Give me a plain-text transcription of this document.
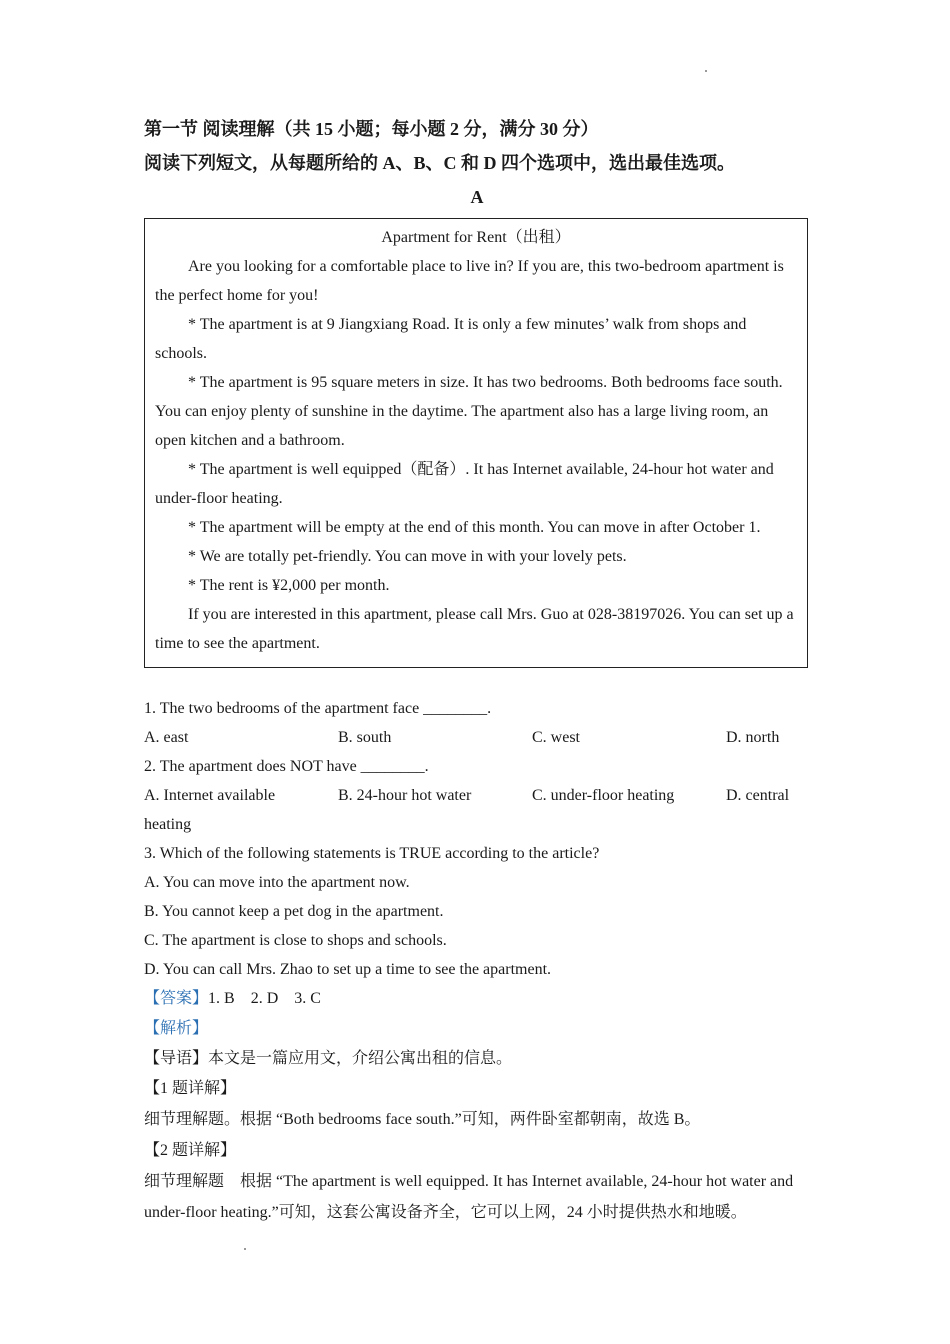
第一节 阅读理解（共 15 小题；每小题 2 分，满分 30 分）
阅读下列短文，从每题所给的 A、B、C 和 D 四个选项中，选出最佳选项。
A
Apartment for Rent（出租）

Are you looking for a comfortable place to live in? If you are, this two-bedroom apartment is the perfect home for you!

* The apartment is at 9 Jiangxiang Road. It is only a few minutes’ walk from shops and schools.

* The apartment is 95 square meters in size. It has two bedrooms. Both bedrooms face south. You can enjoy plenty of sunshine in the daytime. The apartment also has a large living room, an open kitchen and a bathroom.

* The apartment is well equipped（配备）. It has Internet available, 24-hour hot water and under-floor heating.

* The apartment will be empty at the end of this month. You can move in after October 1.

* We are totally pet-friendly. You can move in with your lovely pets.

* The rent is ¥2,000 per month.

If you are interested in this apartment, please call Mrs. Guo at 028-38197026. You can set up a time to see the apartment.

1. The two bedrooms of the apartment face ________.

A. east	B. south	C. west	D. north

2. The apartment does NOT have ________.

A. Internet available	B. 24-hour hot water	C. under-floor heating	D. central

heating

3. Which of the following statements is TRUE according to the article?

A. You can move into the apartment now.

B. You cannot keep a pet dog in the apartment.

C. The apartment is close to shops and schools.

D. You can call Mrs. Zhao to set up a time to see the apartment.

【答案】1. B　2. D　3. C

【解析】

【导语】本文是一篇应用文，介绍公寓出租的信息。

【1 题详解】

细节理解题。根据 “Both bedrooms face south.”可知，两件卧室都朝南，故选 B。

【2 题详解】

细节理解题　根据 “The apartment is well equipped. It has Internet available, 24-hour hot water and under-floor heating.”可知，这套公寓设备齐全，它可以上网，24 小时提供热水和地暖。
